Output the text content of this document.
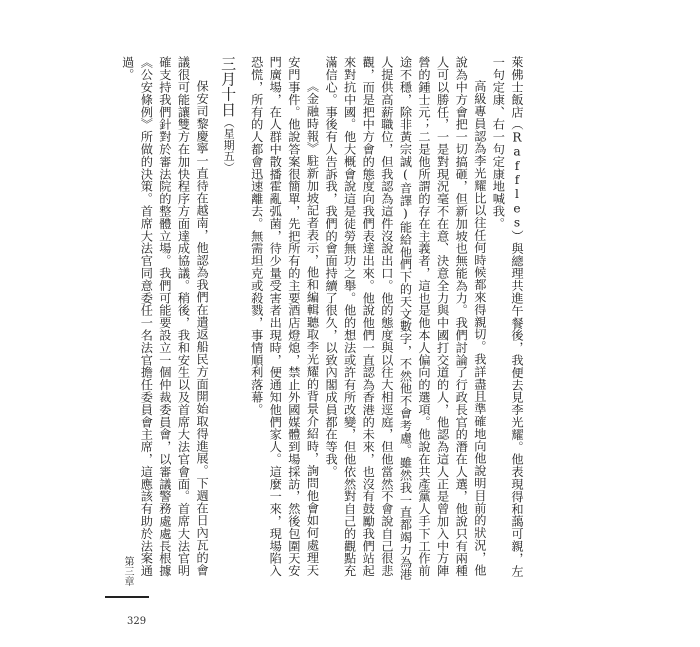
萊佛士飯店（Raffles）與總理共進午餐後，我便去見李光耀。他表現得和藹可親，左一句定康、右一句定康地喊我。

高級專員認為李光耀比以往任何時候都來得親切。我詳盡且準確地向他說明目前的狀況，他說為中方會把一切搞砸，但新加坡也無能為力。我們討論了行政長官的潛在人選，他說只有兩種人可以勝任，一是對現況毫不在意、決意全力與中國打交道的人，他認為這人正是曾加入中方陣營的鍾士元；二是他所謂的存在主義者，這也是他本人偏向的選項。他說在共產黨人手下工作前途不穩，除非黃宗誠(音譯)能給他們下的天文數字，不然他不會考慮。雖然我一直都竭力為港人提供高薪職位，但我認為這件沒說出口。他的態度與以往大相逕庭，但他當然不會說自己很悲觀，而是把中方會的態度向我們表達出來。他說他們一直認為香港的未來，也沒有鼓勵我們站起來對抗中國。他大概會說這是徒勞無功之舉。他的想法或許有所改變，但他依然對自己的觀點充滿信心。事後有人告訴我，我們的會面持續了很久，以致內閣成員都在等我。

《金融時報》駐新加坡記者表示，他和編輯聽取李光耀的背景介紹時，詢問他會如何處理天安門事件。他說答案很簡單，先把所有的主要酒店燈熄，禁止外國媒體到場採訪，然後包圍天安門廣場，在人群中散播霍亂弧菌，待少量受害者出現時，便通知他們家人。這麼一來，現場陷入恐慌，所有的人都會迅速離去。無需坦克或殺戮，事情順利落幕。

三月十日（星期五）

保安司黎慶寧一直待在越南，他認為我們在遣返船民方面開始取得進展。下週在日內瓦的會議很可能讓雙方在加快程序方面達成協議。稍後，我和安生以及首席大法官會面。首席大法官明確支持我們針對於審法院的整體立場。我們可能要設立一個仲裁委員會，以審議警務處處長根據《公安條例》所做的決策。首席大法官同意委任一名法官擔任委員會主席，這應該有助於法案通過。

第三章
329
